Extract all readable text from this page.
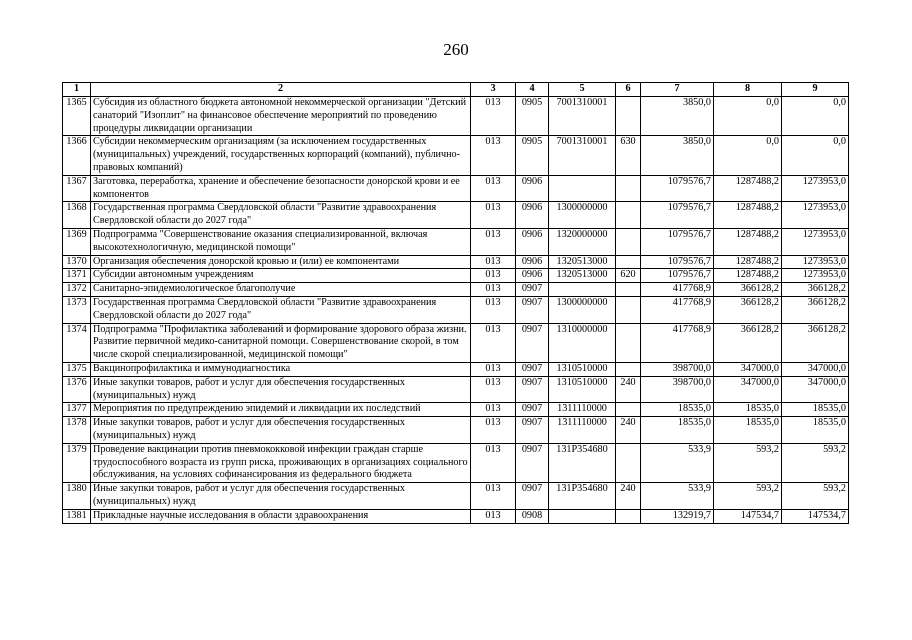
260
1	2	3	4	5	6	7	8	9
1365	Субсидия из областного бюджета автономной некоммерческой организации "Детский санаторий "Изоплит" на финансовое обеспечение мероприятий по проведению процедуры ликвидации организации	013	0905	7001310001		3850,0	0,0	0,0
1366	Субсидии некоммерческим организациям (за исключением государственных (муниципальных) учреждений, государственных корпораций (компаний), публично-правовых компаний)	013	0905	7001310001	630	3850,0	0,0	0,0
1367	Заготовка, переработка, хранение и обеспечение безопасности донорской крови и ее компонентов	013	0906			1079576,7	1287488,2	1273953,0
1368	Государственная программа Свердловской области "Развитие здравоохранения Свердловской области до 2027 года"	013	0906	1300000000		1079576,7	1287488,2	1273953,0
1369	Подпрограмма "Совершенствование оказания специализированной, включая высокотехнологичную, медицинской помощи"	013	0906	1320000000		1079576,7	1287488,2	1273953,0
1370	Организация обеспечения донорской кровью и (или) ее компонентами	013	0906	1320513000		1079576,7	1287488,2	1273953,0
1371	Субсидии автономным учреждениям	013	0906	1320513000	620	1079576,7	1287488,2	1273953,0
1372	Санитарно-эпидемиологическое благополучие	013	0907			417768,9	366128,2	366128,2
1373	Государственная программа Свердловской области "Развитие здравоохранения Свердловской области до 2027 года"	013	0907	1300000000		417768,9	366128,2	366128,2
1374	Подпрограмма "Профилактика заболеваний и формирование здорового образа жизни. Развитие первичной медико-санитарной помощи. Совершенствование скорой, в том числе скорой специализированной, медицинской помощи"	013	0907	1310000000		417768,9	366128,2	366128,2
1375	Вакцинопрофилактика и иммунодиагностика	013	0907	1310510000		398700,0	347000,0	347000,0
1376	Иные закупки товаров, работ и услуг для обеспечения государственных (муниципальных) нужд	013	0907	1310510000	240	398700,0	347000,0	347000,0
1377	Мероприятия по предупреждению эпидемий и ликвидации их последствий	013	0907	1311110000		18535,0	18535,0	18535,0
1378	Иные закупки товаров, работ и услуг для обеспечения государственных (муниципальных) нужд	013	0907	1311110000	240	18535,0	18535,0	18535,0
1379	Проведение вакцинации против пневмококковой инфекции граждан старше трудоспособного возраста из групп риска, проживающих в организациях социального обслуживания, на условиях софинансирования из федерального бюджета	013	0907	131P354680		533,9	593,2	593,2
1380	Иные закупки товаров, работ и услуг для обеспечения государственных (муниципальных) нужд	013	0907	131P354680	240	533,9	593,2	593,2
1381	Прикладные научные исследования в области здравоохранения	013	0908			132919,7	147534,7	147534,7
